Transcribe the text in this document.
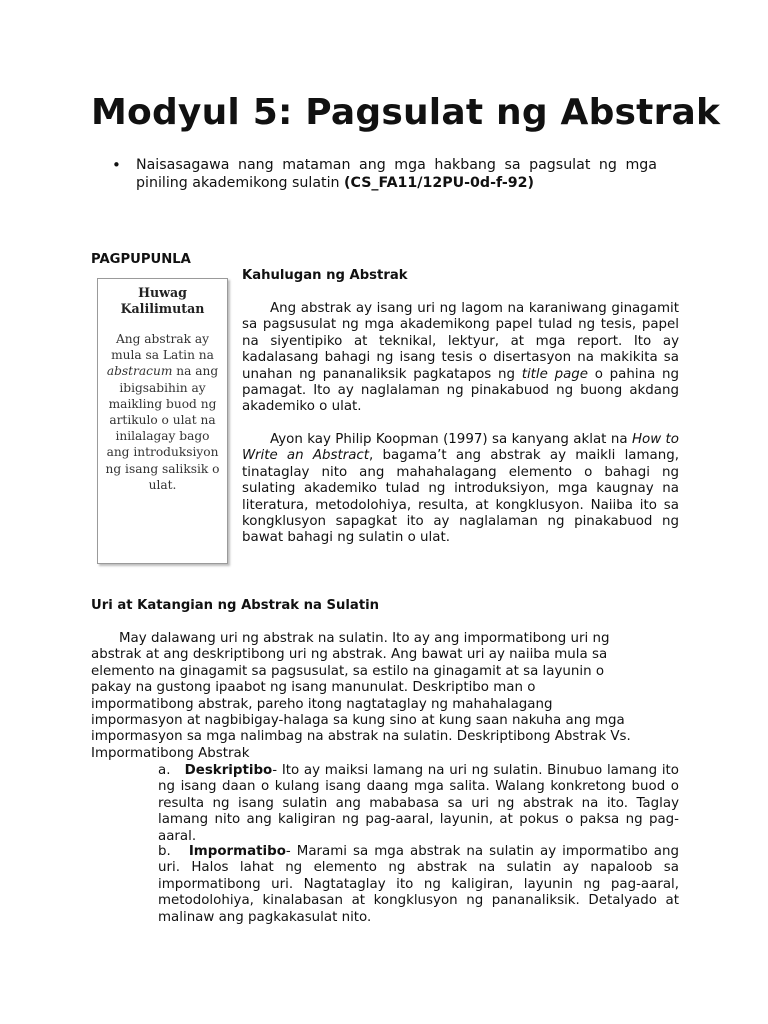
Modyul 5: Pagsulat ng Abstrak
• Naisasagawa nang mataman ang mga hakbang sa pagsulat ng mga piniling akademikong sulatin (CS_FA11/12PU-0d-f-92)
PAGPUPUNLA
Huwag
Kalilimutan
Ang abstrak ay mula sa Latin na abstracum na ang ibigsabihin ay maikling buod ng artikulo o ulat na inilalagay bago ang introduksiyon ng isang saliksik o ulat.
Kahulugan ng Abstrak

Ang abstrak ay isang uri ng lagom na karaniwang ginagamit sa pagsusulat ng mga akademikong papel tulad ng tesis, papel na siyentipiko at teknikal, lektyur, at mga report. Ito ay kadalasang bahagi ng isang tesis o disertasyon na makikita sa unahan ng pananaliksik pagkatapos ng title page o pahina ng pamagat. Ito ay naglalaman ng pinakabuod ng buong akdang akademiko o ulat.

Ayon kay Philip Koopman (1997) sa kanyang aklat na How to Write an Abstract, bagama’t ang abstrak ay maikli lamang, tinataglay nito ang mahahalagang elemento o bahagi ng sulating akademiko tulad ng introduksiyon, mga kaugnay na literatura, metodolohiya, resulta, at kongklusyon. Naiiba ito sa kongklusyon sapagkat ito ay naglalaman ng pinakabuod ng bawat bahagi ng sulatin o ulat.

Uri at Katangian ng Abstrak na Sulatin

May dalawang uri ng abstrak na sulatin. Ito ay ang impormatibong uri ng abstrak at ang deskriptibong uri ng abstrak. Ang bawat uri ay naiiba mula sa elemento na ginagamit sa pagsusulat, sa estilo na ginagamit at sa layunin o pakay na gustong ipaabot ng isang manunulat. Deskriptibo man o impormatibong abstrak, pareho itong nagtataglay ng mahahalagang impormasyon at nagbibigay-halaga sa kung sino at kung saan nakuha ang mga impormasyon sa mga nalimbag na abstrak na sulatin. Deskriptibong Abstrak Vs. Impormatibong Abstrak

a. Deskriptibo- Ito ay maiksi lamang na uri ng sulatin. Binubuo lamang ito ng isang daan o kulang isang daang mga salita. Walang konkretong buod o resulta ng isang sulatin ang mababasa sa uri ng abstrak na ito. Taglay lamang nito ang kaligiran ng pag-aaral, layunin, at pokus o paksa ng pag-aaral.

b. Impormatibo- Marami sa mga abstrak na sulatin ay impormatibo ang uri. Halos lahat ng elemento ng abstrak na sulatin ay napaloob sa impormatibong uri. Nagtataglay ito ng kaligiran, layunin ng pag-aaral, metodolohiya, kinalabasan at kongklusyon ng pananaliksik. Detalyado at malinaw ang pagkakasulat nito.
